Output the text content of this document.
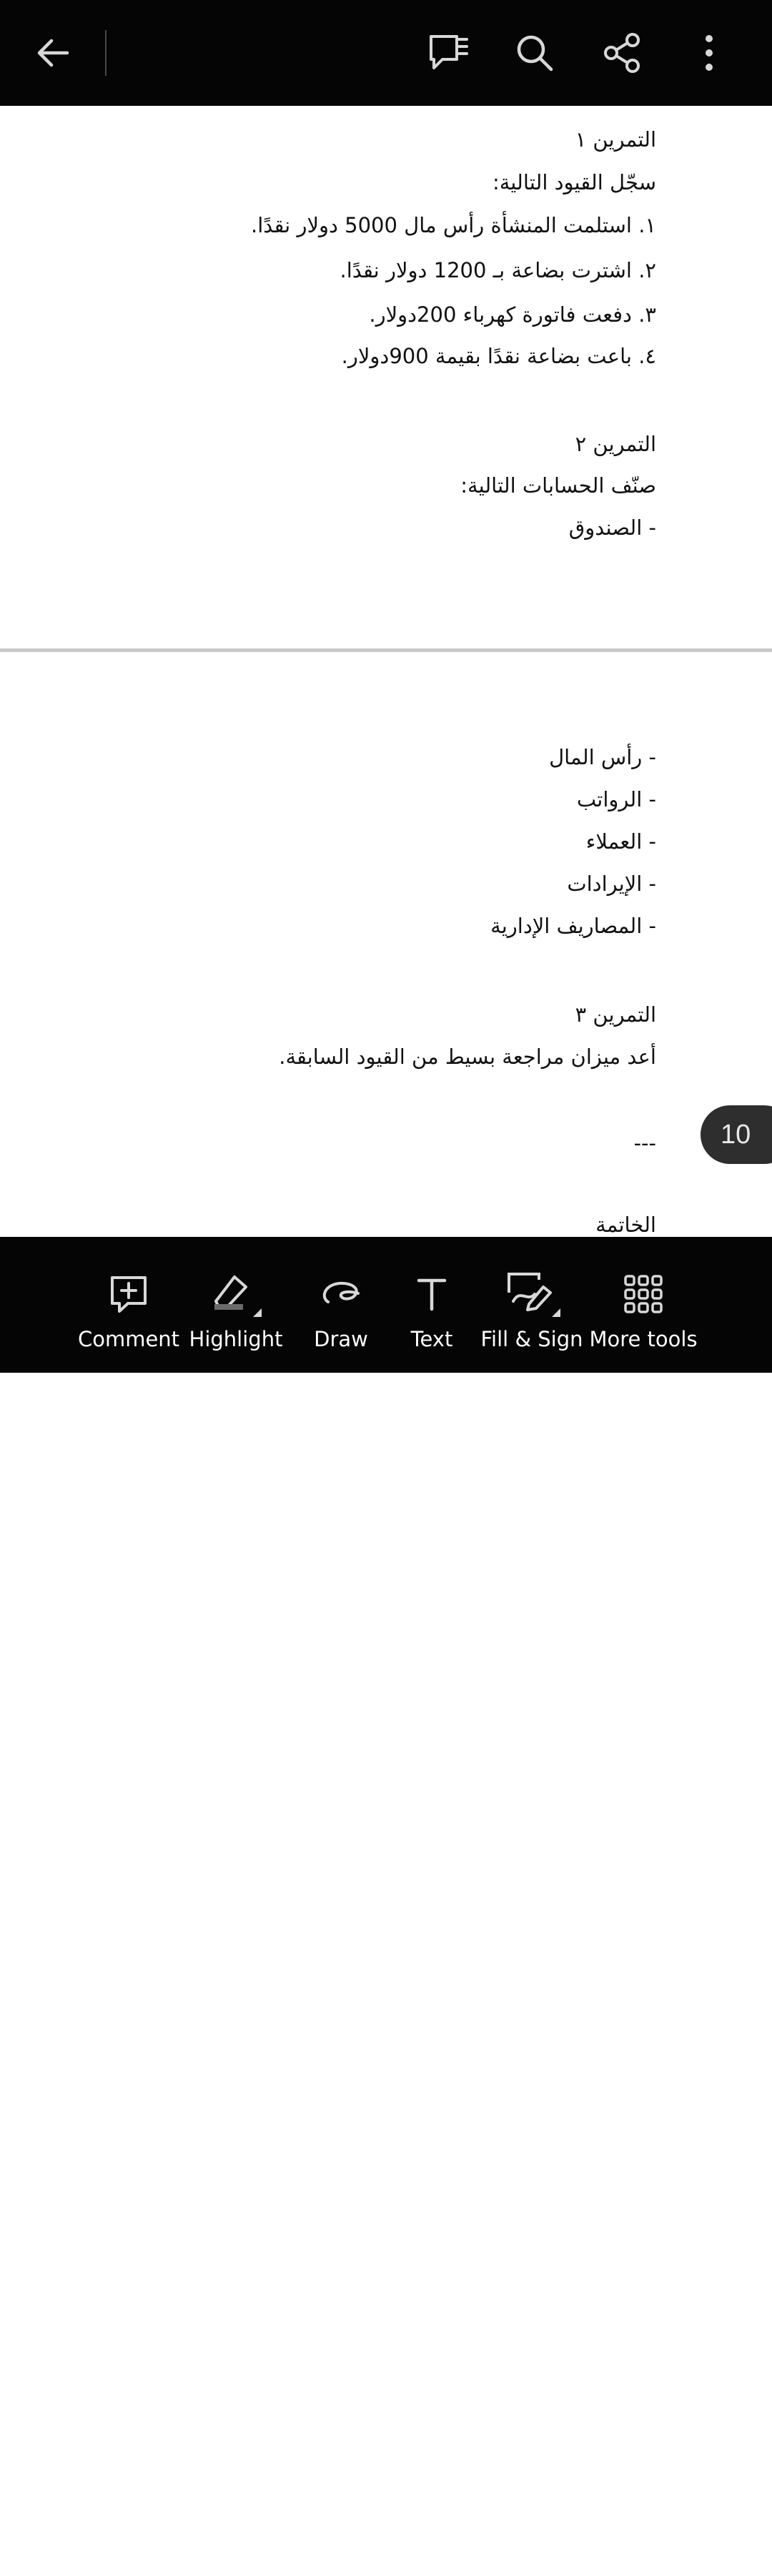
التمرين ١
سجّل القيود التالية:
١. استلمت المنشأة رأس مال 5000 دولار نقدًا.
٢. اشترت بضاعة بـ 1200 دولار نقدًا.
٣. دفعت فاتورة كهرباء 200دولار.
٤. باعت بضاعة نقدًا بقيمة 900دولار.
التمرين ٢
صنّف الحسابات التالية:
- الصندوق
- رأس المال
- الرواتب
- العملاء
- الإيرادات
- المصاريف الإدارية
التمرين ٣
أعد ميزان مراجعة بسيط من القيود السابقة.
---
الخاتمة
10
Comment Highlight Draw Text Fill & Sign More tools
خمسات
